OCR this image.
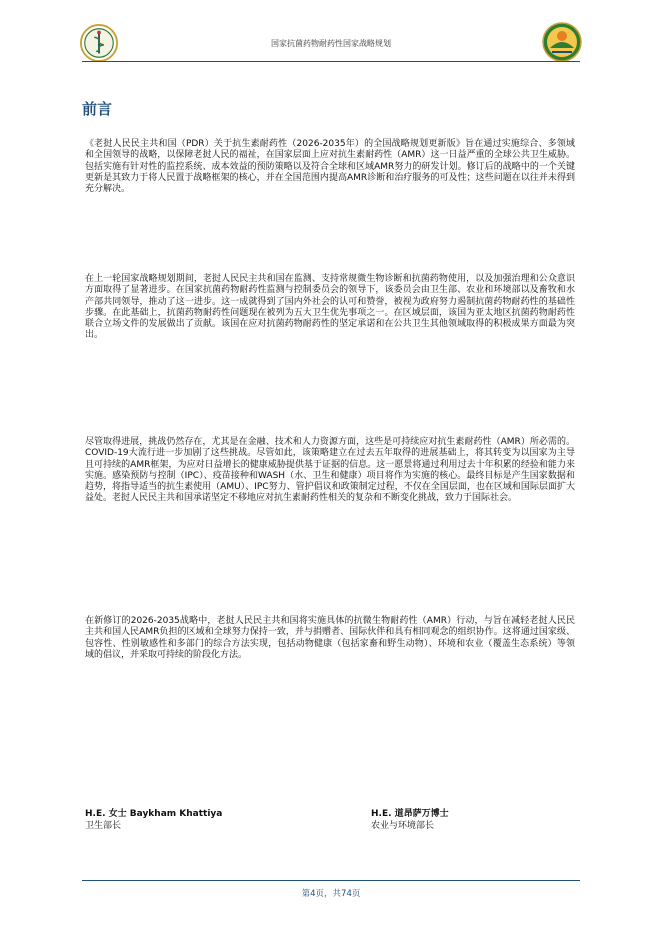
国家抗菌药物耐药性国家战略规划
前言

《老挝人民民主共和国（PDR）关于抗生素耐药性（2026-2035年）的全国战略规划更新版》旨在通过实施综合、多领域和全国领导的战略，以保障老挝人民的福祉，在国家层面上应对抗生素耐药性（AMR）这一日益严重的全球公共卫生威胁。包括实施有针对性的监控系统、成本效益的预防策略以及符合全球和区域AMR努力的研发计划。修订后的战略中的一个关键更新是其致力于将人民置于战略框架的核心，并在全国范围内提高AMR诊断和治疗服务的可及性；这些问题在以往并未得到充分解决。

在上一轮国家战略规划期间，老挝人民民主共和国在监测、支持常规微生物诊断和抗菌药物使用，以及加强治理和公众意识方面取得了显著进步。在国家抗菌药物耐药性监测与控制委员会的领导下，该委员会由卫生部、农业和环境部以及畜牧和水产部共同领导，推动了这一进步。这一成就得到了国内外社会的认可和赞誉，被视为政府努力遏制抗菌药物耐药性的基础性步骤。在此基础上，抗菌药物耐药性问题现在被列为五大卫生优先事项之一。在区域层面，该国为亚太地区抗菌药物耐药性联合立场文件的发展做出了贡献。该国在应对抗菌药物耐药性的坚定承诺和在公共卫生其他领域取得的积极成果方面最为突出。

尽管取得进展，挑战仍然存在，尤其是在金融、技术和人力资源方面，这些是可持续应对抗生素耐药性（AMR）所必需的。COVID-19大流行进一步加剧了这些挑战。尽管如此，该策略建立在过去五年取得的进展基础上，将其转变为以国家为主导且可持续的AMR框架，为应对日益增长的健康威胁提供基于证据的信息。这一愿景将通过利用过去十年积累的经验和能力来实施。感染预防与控制（IPC）、疫苗接种和WASH（水、卫生和健康）项目将作为实施的核心。最终目标是产生国家数据和趋势，将指导适当的抗生素使用（AMU）、IPC努力、管护倡议和政策制定过程，不仅在全国层面，也在区域和国际层面扩大益处。老挝人民民主共和国承诺坚定不移地应对抗生素耐药性相关的复杂和不断变化挑战，致力于国际社会。

在新修订的2026-2035战略中，老挝人民民主共和国将实施具体的抗微生物耐药性（AMR）行动，与旨在减轻老挝人民民主共和国人民AMR负担的区域和全球努力保持一致，并与捐赠者、国际伙伴和具有相同观念的组织协作。这将通过国家级、包容性、性别敏感性和多部门的综合方法实现，包括动物健康（包括家畜和野生动物）、环境和农业（覆盖生态系统）等领域的倡议，并采取可持续的阶段化方法。

H.E. 女士 Baykham Khattiya
卫生部长
H.E. 道昂萨万博士
农业与环境部长
第4页，共74页
